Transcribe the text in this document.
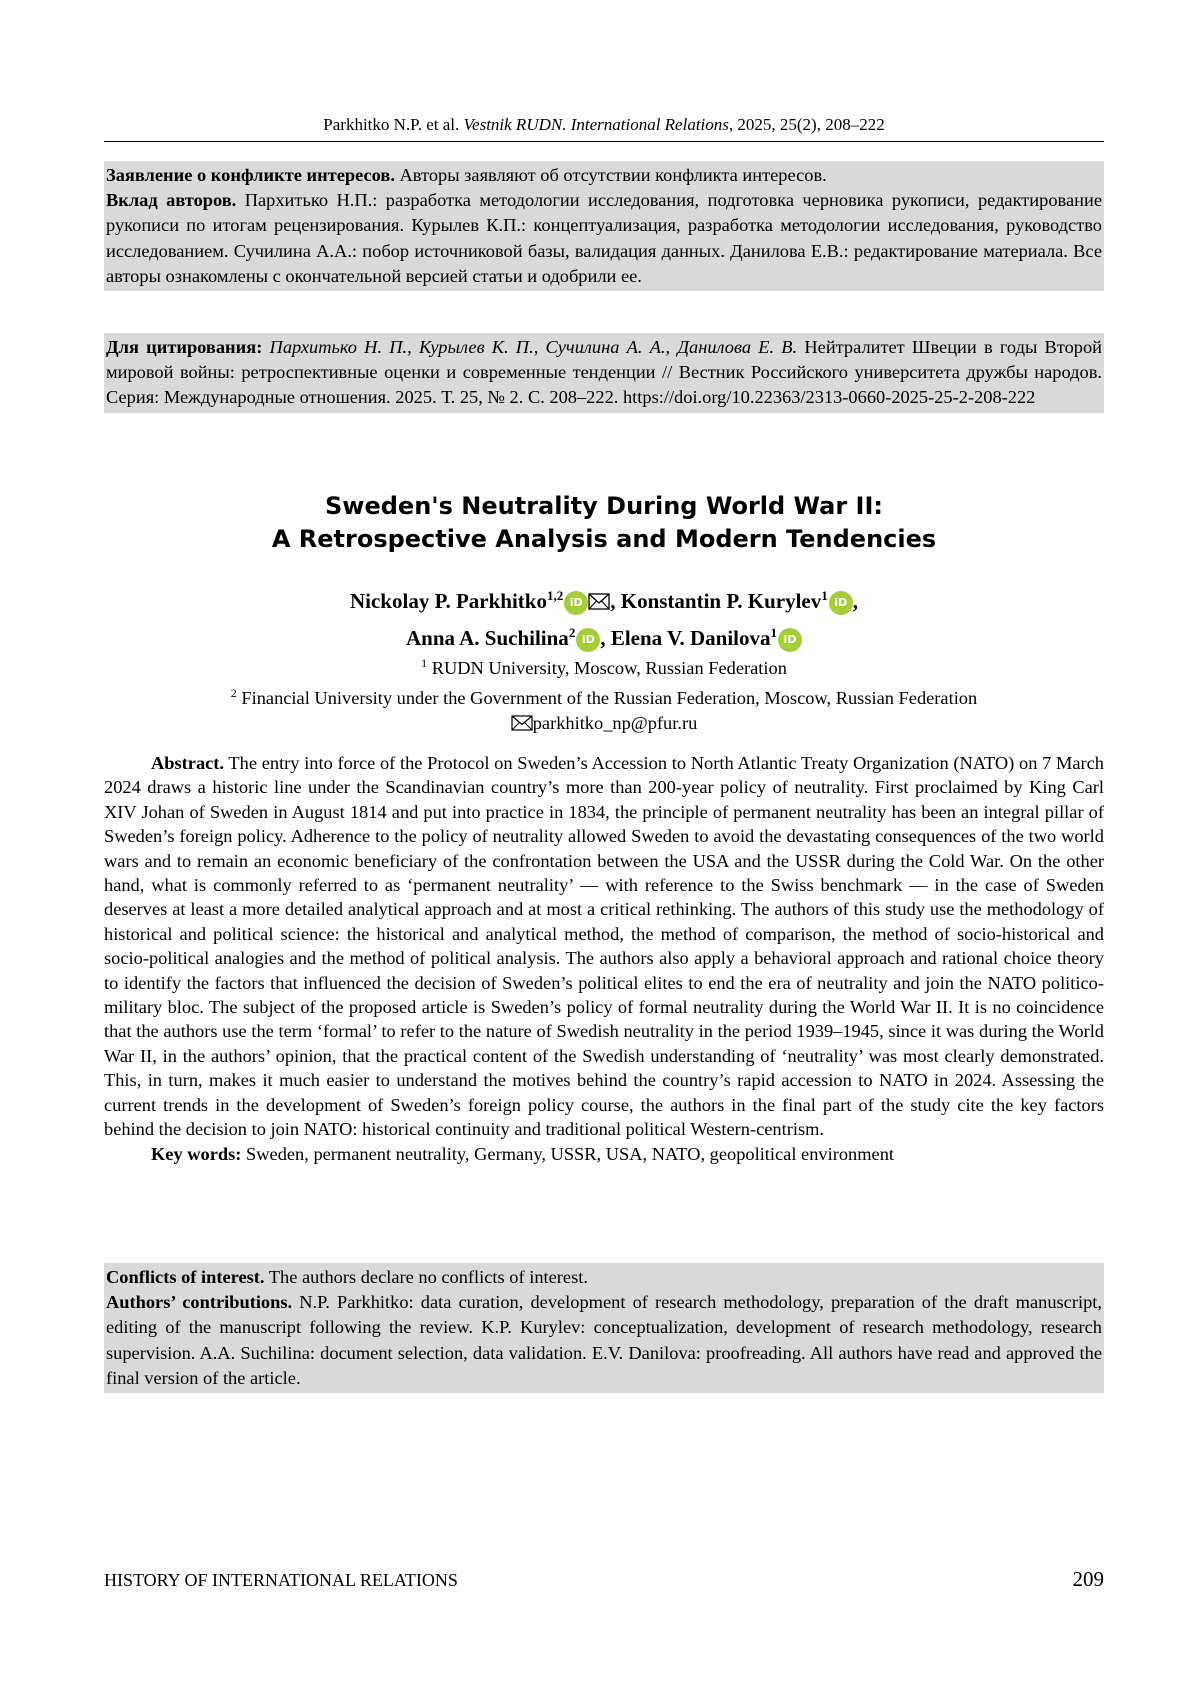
Parkhitko N.P. et al. Vestnik RUDN. International Relations, 2025, 25(2), 208–222

Заявление о конфликте интересов. Авторы заявляют об отсутствии конфликта интересов.

Вклад авторов. Пархитько Н.П.: разработка методологии исследования, подготовка черновика рукописи, редактирование рукописи по итогам рецензирования. Курылев К.П.: концептуализация, разработка методологии исследования, руководство исследованием. Сучилина А.А.: побор источниковой базы, валидация данных. Данилова Е.В.: редактирование материала. Все авторы ознакомлены с окончательной версией статьи и одобрили ее.

Для цитирования: Пархитько Н. П., Курылев К. П., Сучилина А. А., Данилова Е. В. Нейтралитет Швеции в годы Второй мировой войны: ретроспективные оценки и современные тенденции // Вестник Российского университета дружбы народов. Серия: Международные отношения. 2025. Т. 25, № 2. С. 208–222. https://doi.org/10.22363/2313-0660-2025-25-2-208-222

Sweden's Neutrality During World War II:
A Retrospective Analysis and Modern Tendencies
Nickolay P. Parkhitko1,2 iD , Konstantin P. Kurylev1 iD ,
Anna A. Suchilina2 iD , Elena V. Danilova1 iD

1 RUDN University, Moscow, Russian Federation

2 Financial University under the Government of the Russian Federation, Moscow, Russian Federation

parkhitko_np@pfur.ru

Abstract. The entry into force of the Protocol on Sweden’s Accession to North Atlantic Treaty Organization (NATO) on 7 March 2024 draws a historic line under the Scandinavian country’s more than 200-year policy of neutrality. First proclaimed by King Carl XIV Johan of Sweden in August 1814 and put into practice in 1834, the principle of permanent neutrality has been an integral pillar of Sweden’s foreign policy. Adherence to the policy of neutrality allowed Sweden to avoid the devastating consequences of the two world wars and to remain an economic beneficiary of the confrontation between the USA and the USSR during the Cold War. On the other hand, what is commonly referred to as ‘permanent neutrality’ — with reference to the Swiss benchmark — in the case of Sweden deserves at least a more detailed analytical approach and at most a critical rethinking. The authors of this study use the methodology of historical and political science: the historical and analytical method, the method of comparison, the method of socio-historical and socio-political analogies and the method of political analysis. The authors also apply a behavioral approach and rational choice theory to identify the factors that influenced the decision of Sweden’s political elites to end the era of neutrality and join the NATO politico-military bloc. The subject of the proposed article is Sweden’s policy of formal neutrality during the World War II. It is no coincidence that the authors use the term ‘formal’ to refer to the nature of Swedish neutrality in the period 1939–1945, since it was during the World War II, in the authors’ opinion, that the practical content of the Swedish understanding of ‘neutrality’ was most clearly demonstrated. This, in turn, makes it much easier to understand the motives behind the country’s rapid accession to NATO in 2024. Assessing the current trends in the development of Sweden’s foreign policy course, the authors in the final part of the study cite the key factors behind the decision to join NATO: historical continuity and traditional political Western-centrism.

Key words: Sweden, permanent neutrality, Germany, USSR, USA, NATO, geopolitical environment

Conflicts of interest. The authors declare no conflicts of interest.

Authors’ contributions. N.P. Parkhitko: data curation, development of research methodology, preparation of the draft manuscript, editing of the manuscript following the review. K.P. Kurylev: conceptualization, development of research methodology, research supervision. A.A. Suchilina: document selection, data validation. E.V. Danilova: proofreading. All authors have read and approved the final version of the article.

HISTORY OF INTERNATIONAL RELATIONS	209
